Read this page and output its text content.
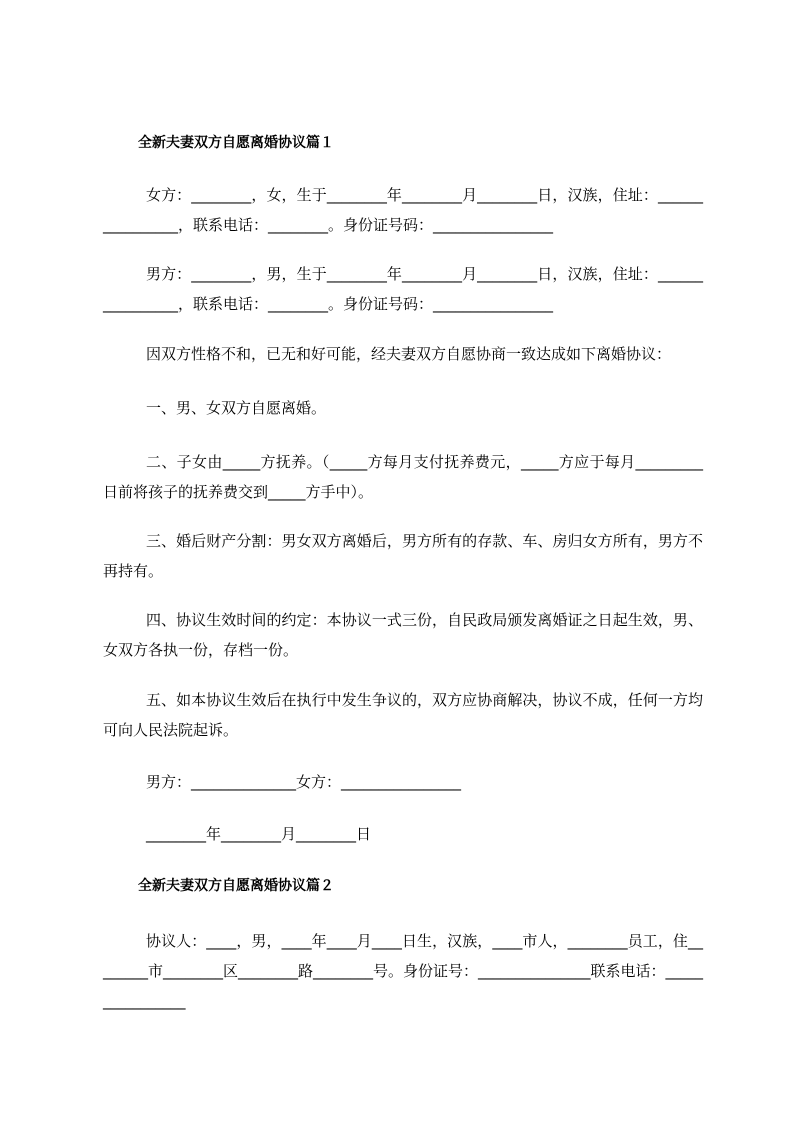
全新夫妻双方自愿离婚协议篇１
女方：________，女，生于________年________月________日，汉族，住址：________________，联系电话：________。身份证号码：________________
男方：________，男，生于________年________月________日，汉族，住址：________________，联系电话：________。身份证号码：________________
因双方性格不和，已无和好可能，经夫妻双方自愿协商一致达成如下离婚协议：
一、男、女双方自愿离婚。
二、子女由_____方抚养。（_____方每月支付抚养费元，_____方应于每月_________日前将孩子的抚养费交到_____方手中）。
三、婚后财产分割：男女双方离婚后，男方所有的存款、车、房归女方所有，男方不再持有。
四、协议生效时间的约定：本协议一式三份，自民政局颁发离婚证之日起生效，男、女双方各执一份，存档一份。
五、如本协议生效后在执行中发生争议的，双方应协商解决，协议不成，任何一方均可向人民法院起诉。
男方：______________女方：________________
________年________月________日
全新夫妻双方自愿离婚协议篇２
协议人：____，男，____年____月____日生，汉族，____市人，________员工，住________市________区________路________号。身份证号：_______________联系电话：________________
